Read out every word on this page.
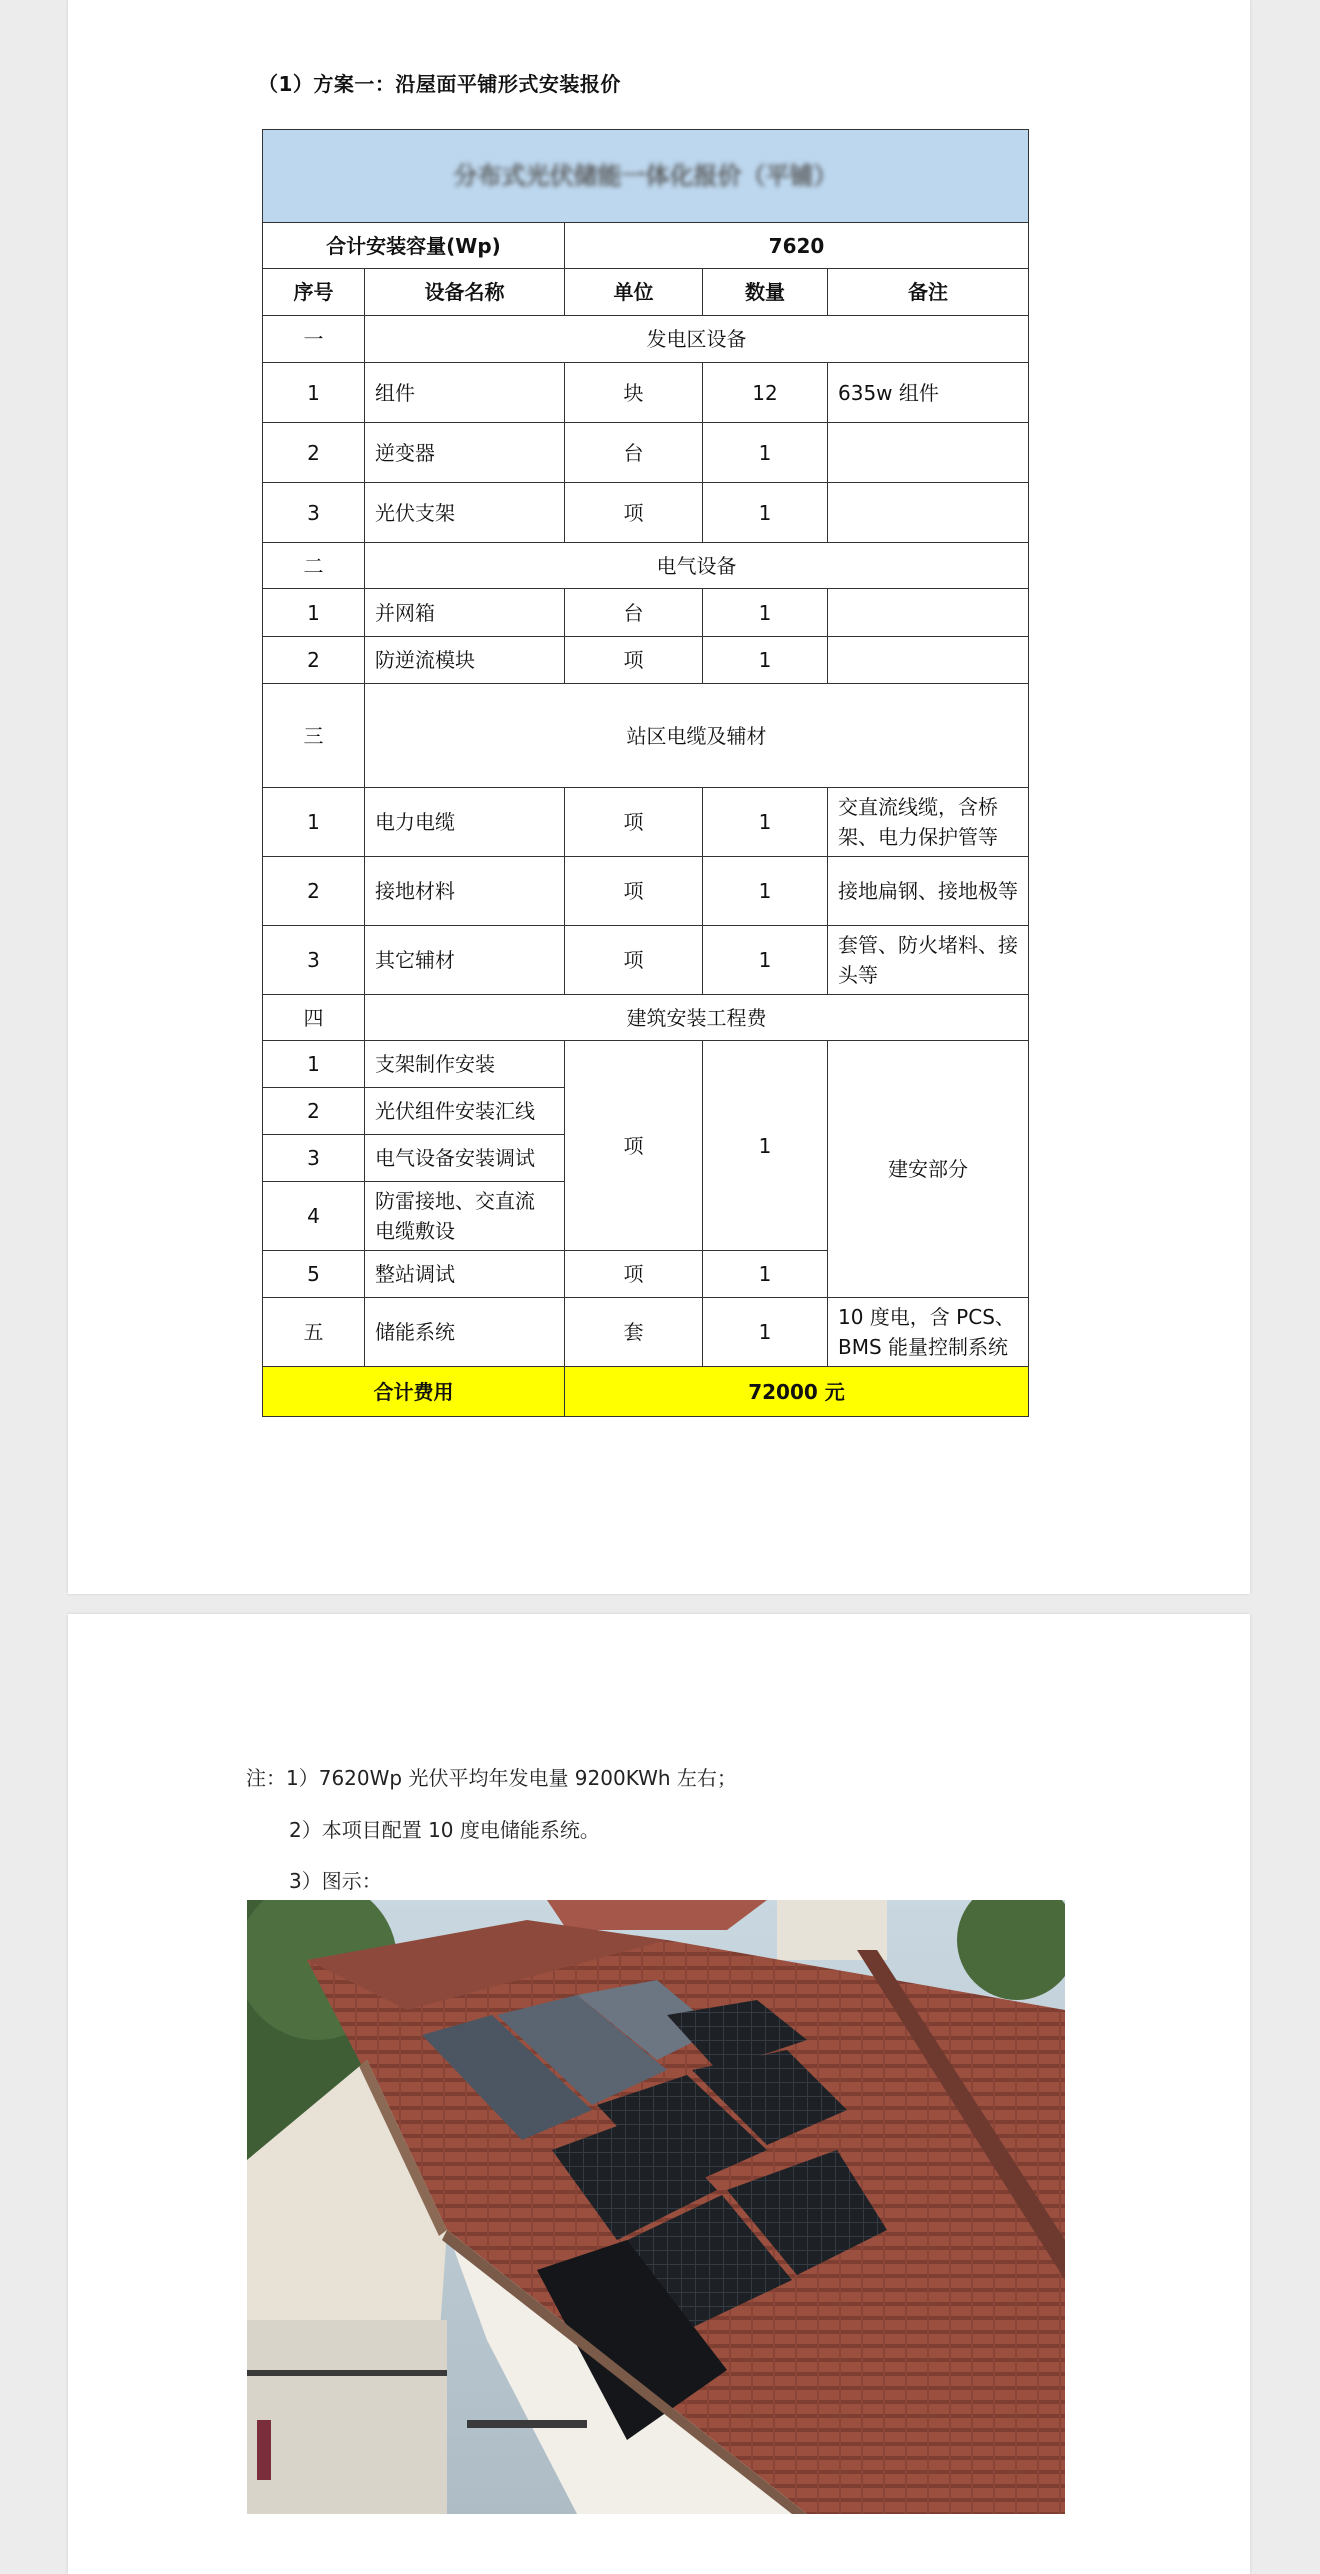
（1）方案一：沿屋面平铺形式安装报价
分布式光伏储能一体化报价（平铺）				

合计安装容量(Wp)		7620		
序号	设备名称	单位	数量	备注
一	发电区设备			
1	组件	块	12	635w 组件
2	逆变器	台	1	
3	光伏支架	项	1	
二	电气设备			
1	并网箱	台	1	
2	防逆流模块	项	1	
三	站区电缆及辅材			
1	电力电缆	项	1	交直流线缆，含桥架、电力保护管等
2	接地材料	项	1	接地扁钢、接地极等
3	其它辅材	项	1	套管、防火堵料、接头等
四	建筑安装工程费			
1	支架制作安装	项	1	建安部分
2	光伏组件安装汇线			
3	电气设备安装调试			
4	防雷接地、交直流电缆敷设			
5	整站调试	项	1	
五	储能系统	套	1	10 度电，含 PCS、BMS 能量控制系统
合计费用		72000 元		
注：1）7620Wp 光伏平均年发电量 9200KWh 左右；
2）本项目配置 10 度电储能系统。
3）图示：
